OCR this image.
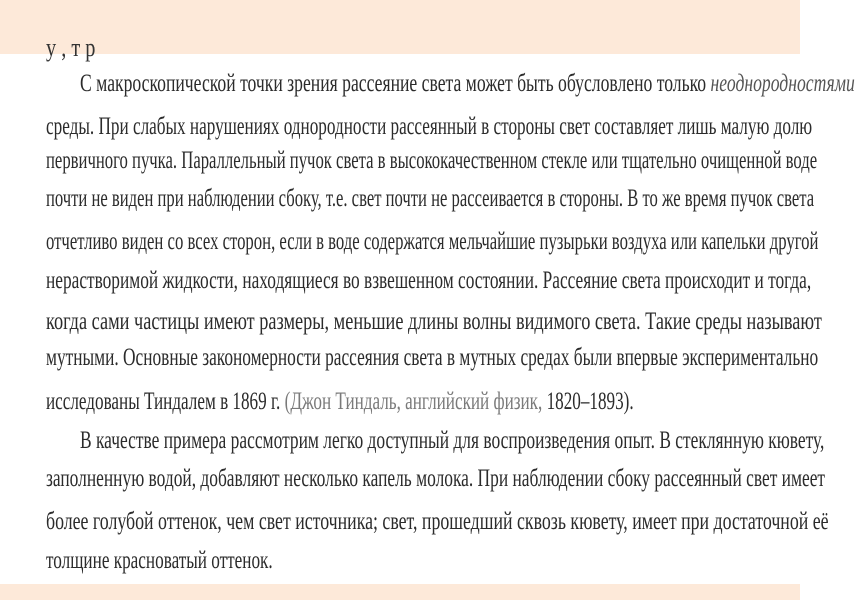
у , т р
С макроскопической точки зрения рассеяние света может быть обусловлено только неоднородностями
среды. При слабых нарушениях однородности рассеянный в стороны свет составляет лишь малую долю
первичного пучка. Параллельный пучок света в высококачественном стекле или тщательно очищенной воде
почти не виден при наблюдении сбоку, т.е. свет почти не рассеивается в стороны. В то же время пучок света
отчетливо виден со всех сторон, если в воде содержатся мельчайшие пузырьки воздуха или капельки другой
нерастворимой жидкости, находящиеся во взвешенном состоянии. Рассеяние света происходит и тогда,
когда сами частицы имеют размеры, меньшие длины волны видимого света. Такие среды называют
мутными. Основные закономерности рассеяния света в мутных средах были впервые экспериментально
исследованы Тиндалем в 1869 г. (Джон Тиндаль, английский физик, 1820–1893).
В качестве примера рассмотрим легко доступный для воспроизведения опыт. В стеклянную кювету,
заполненную водой, добавляют несколько капель молока. При наблюдении сбоку рассеянный свет имеет
более голубой оттенок, чем свет источника; свет, прошедший сквозь кювету, имеет при достаточной её
толщине красноватый оттенок.
